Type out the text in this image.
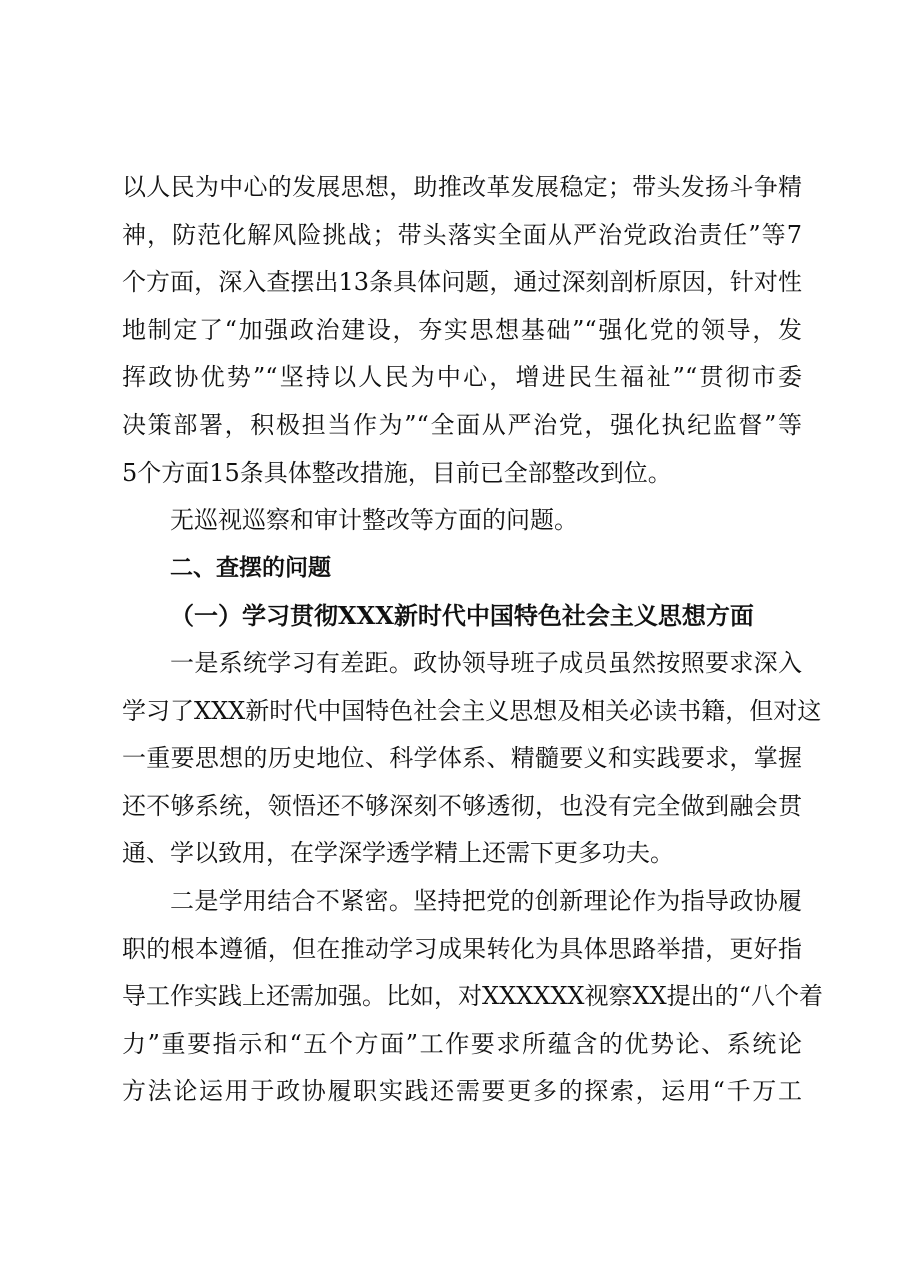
以人民为中心的发展思想，助推改革发展稳定；带头发扬斗争精
神，防范化解风险挑战；带头落实全面从严治党政治责任”等7
个方面，深入查摆出13条具体问题，通过深刻剖析原因，针对性
地制定了“加强政治建设，夯实思想基础”“强化党的领导，发
挥政协优势”“坚持以人民为中心，增进民生福祉”“贯彻市委
决策部署，积极担当作为”“全面从严治党，强化执纪监督”等
5个方面15条具体整改措施，目前已全部整改到位。
无巡视巡察和审计整改等方面的问题。
二、查摆的问题
（一）学习贯彻XXX新时代中国特色社会主义思想方面
一是系统学习有差距。政协领导班子成员虽然按照要求深入
学习了XXX新时代中国特色社会主义思想及相关必读书籍，但对这
一重要思想的历史地位、科学体系、精髓要义和实践要求，掌握
还不够系统，领悟还不够深刻不够透彻，也没有完全做到融会贯
通、学以致用，在学深学透学精上还需下更多功夫。
二是学用结合不紧密。坚持把党的创新理论作为指导政协履
职的根本遵循，但在推动学习成果转化为具体思路举措，更好指
导工作实践上还需加强。比如，对XXXXXX视察XX提出的“八个着
力”重要指示和“五个方面”工作要求所蕴含的优势论、系统论
方法论运用于政协履职实践还需要更多的探索，运用“千万工
